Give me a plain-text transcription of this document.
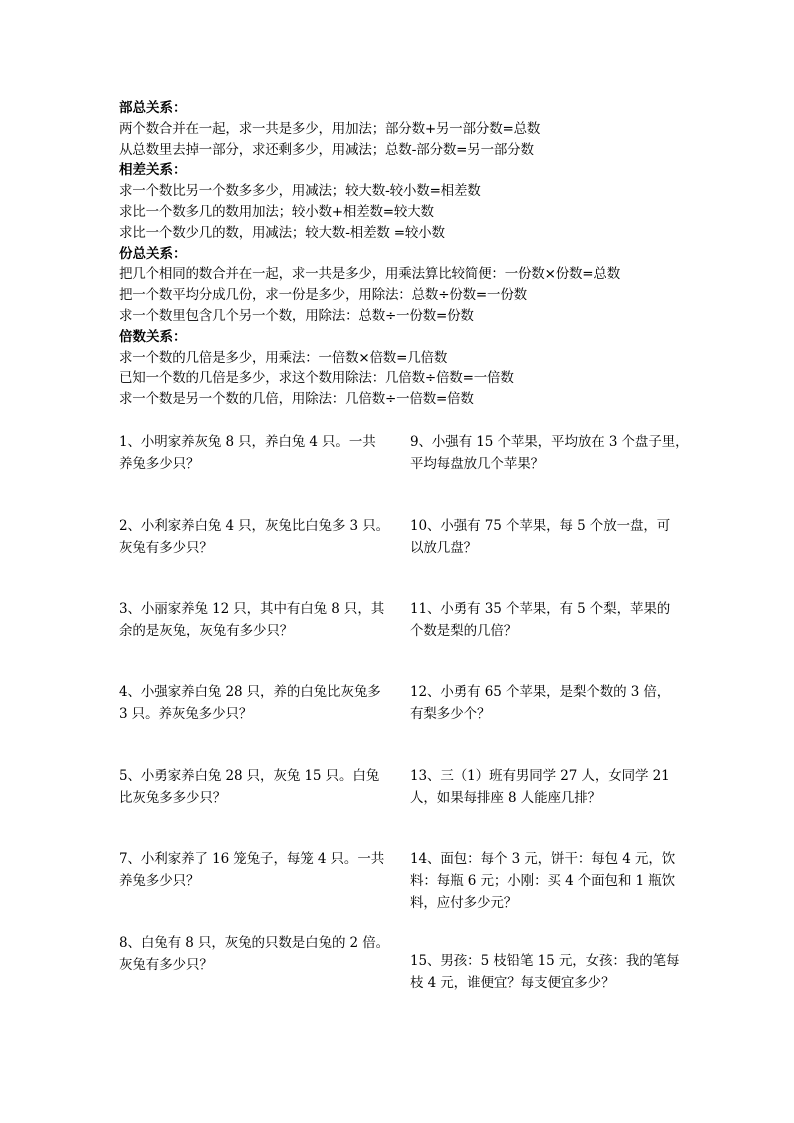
部总关系：
两个数合并在一起，求一共是多少，用加法；部分数+另一部分数=总数
从总数里去掉一部分，求还剩多少，用减法；总数-部分数=另一部分数
相差关系：
求一个数比另一个数多多少，用减法；较大数-较小数=相差数
求比一个数多几的数用加法；较小数+相差数=较大数
求比一个数少几的数，用减法；较大数-相差数 =较小数
份总关系：
把几个相同的数合并在一起，求一共是多少，用乘法算比较简便：一份数×份数=总数
把一个数平均分成几份，求一份是多少，用除法：总数÷份数=一份数
求一个数里包含几个另一个数，用除法：总数÷一份数=份数
倍数关系：
求一个数的几倍是多少，用乘法：一倍数×倍数=几倍数
已知一个数的几倍是多少，求这个数用除法：几倍数÷倍数=一倍数
求一个数是另一个数的几倍，用除法：几倍数÷一倍数=倍数
1、小明家养灰兔 8 只，养白兔 4 只。一共
养兔多少只？
2、小利家养白兔 4 只，灰兔比白兔多 3 只。
灰兔有多少只？
3、小丽家养兔 12 只，其中有白兔 8 只，其
余的是灰兔，灰兔有多少只？
4、小强家养白兔 28 只，养的白兔比灰兔多
3 只。养灰兔多少只？
5、小勇家养白兔 28 只，灰兔 15 只。白兔
比灰兔多多少只？
7、小利家养了 16 笼兔子，每笼 4 只。一共
养兔多少只？
8、白兔有 8 只，灰兔的只数是白兔的 2 倍。
灰兔有多少只？
9、小强有 15 个苹果，平均放在 3 个盘子里，
平均每盘放几个苹果？
10、小强有 75 个苹果，每 5 个放一盘，可
以放几盘？
11、小勇有 35 个苹果，有 5 个梨，苹果的
个数是梨的几倍？
12、小勇有 65 个苹果，是梨个数的 3 倍，
有梨多少个？
13、三（1）班有男同学 27 人，女同学 21
人，如果每排座 8 人能座几排？
14、面包：每个 3 元，饼干：每包 4 元，饮
料：每瓶 6 元；小刚：买 4 个面包和 1 瓶饮
料，应付多少元？
15、男孩：5 枝铅笔 15 元，女孩：我的笔每
枝 4 元，谁便宜？每支便宜多少？
